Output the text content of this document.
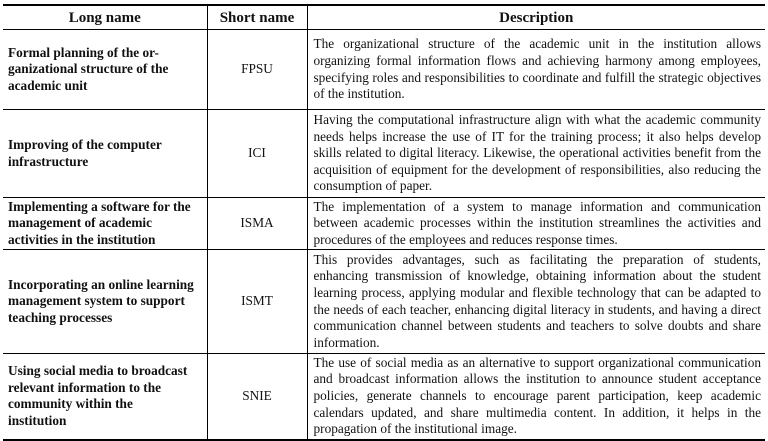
Long name	Short name	Description
Formal planning of the or-ganizational structure of the academic unit	FPSU	The organizational structure of the academic unit in the institution allows organizing formal information flows and achieving harmony among employees, specifying roles and responsibilities to coordinate and fulfill the strategic objectives of the institution.
Improving of the computer infrastructure	ICI	Having the computational infrastructure align with what the academic community needs helps increase the use of IT for the training process; it also helps develop skills related to digital literacy. Likewise, the operational activities benefit from the acquisition of equipment for the development of responsibilities, also reducing the consumption of paper.
Implementing a software for the management of academic activities in the institution	ISMA	The implementation of a system to manage information and communication between academic processes within the institution streamlines the activities and procedures of the employees and reduces response times.
Incorporating an online learning management system to support teaching processes	ISMT	This provides advantages, such as facilitating the preparation of students, enhancing transmission of knowledge, obtaining information about the student learning process, applying modular and flexible technology that can be adapted to the needs of each teacher, enhancing digital literacy in students, and having a direct communication channel between students and teachers to solve doubts and share information.
Using social media to broadcast relevant information to the community within the institution	SNIE	The use of social media as an alternative to support organizational communication and broadcast information allows the institution to announce student acceptance policies, generate channels to encourage parent participation, keep academic calendars updated, and share multimedia content. In addition, it helps in the propagation of the institutional image.
